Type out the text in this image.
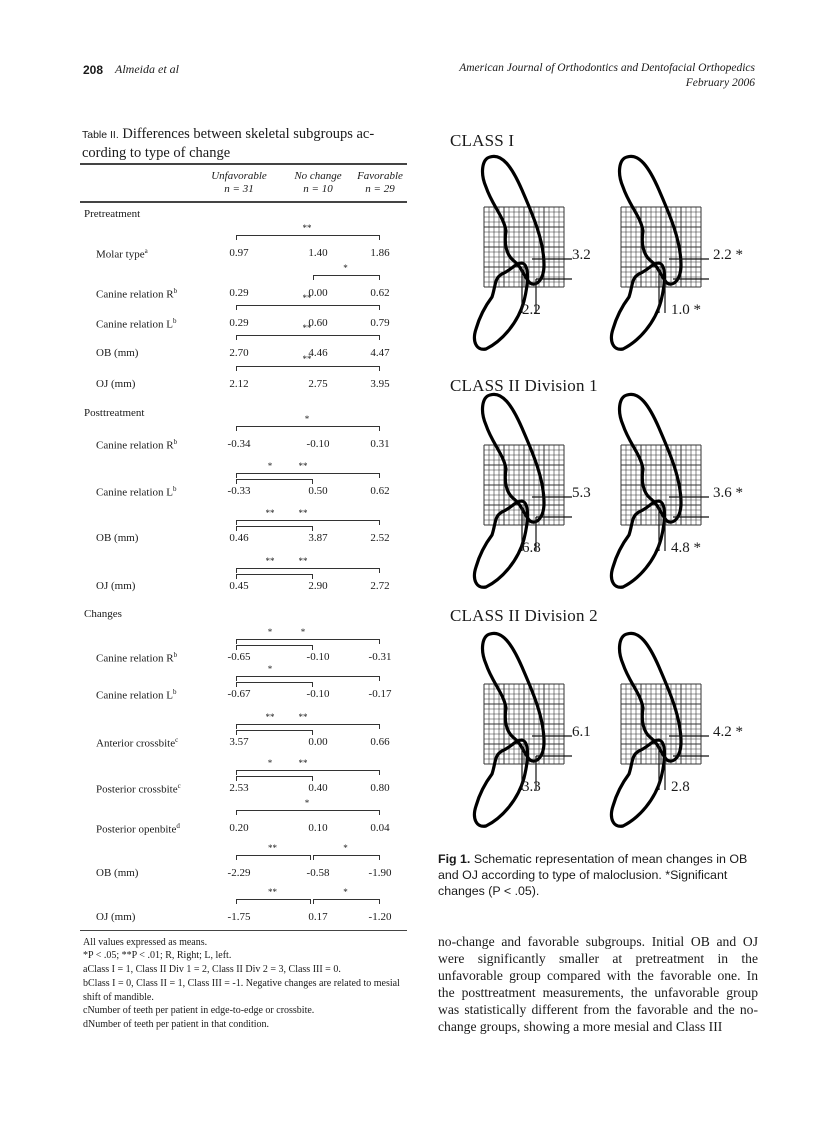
208 Almeida et al	American Journal of Orthodontics and Dentofacial Orthopedics
February 2006
Table II. Differences between skeletal subgroups ac-
cording to type of change
Unfavorable
n = 31
No change
n = 10
Favorable
n = 29
Pretreatment
Molar type$^a$	0.97	1.40	1.86
**
Canine relation $R^b$	0.29	0.00	0.62
*
Canine relation $L^b$	0.29	0.60	0.79
**
OB (mm)	2.70	4.46	4.47
**
OJ (mm)	2.12	2.75	3.95
**
Posttreatment
Canine relation $R^b$	-0.34	-0.10	0.31
*
Canine relation $L^b$	-0.33	0.50	0.62
**
*
OB (mm)	0.46	3.87	2.52
**
**
OJ (mm)	0.45	2.90	2.72
**
**
Changes
Canine relation $R^b$	-0.65	-0.10	-0.31
*
*
Canine relation $L^b$	-0.67	-0.10	-0.17
*
Anterior crossbite$^c$	3.57	0.00	0.66
**
**
Posterior crossbite$^c$	2.53	0.40	0.80
**
*
Posterior openbite$^d$	0.20	0.10	0.04
*
OB (mm)	-2.29	-0.58	-1.90
**	*
OJ (mm)	-1.75	0.17	-1.20
**	*
All values expressed as means.
*P < .05; **P < .01; R, Right; L, left.
aClass I = 1, Class II Div 1 = 2, Class II Div 2 = 3, Class III = 0.
bClass I = 0, Class II = 1, Class III = -1. Negative changes are related to mesial shift of mandible.
cNumber of teeth per patient in edge-to-edge or crossbite.
dNumber of teeth per patient in that condition.
CLASS I
3.2
2.2
2.2 *
1.0 *
CLASS II Division 1
5.3
6.8
3.6 *
4.8 *
CLASS II Division 2
6.1
3.3
4.2 *
2.8
Fig 1. Schematic representation of mean changes in OB and OJ according to type of maloclusion. *Significant changes (P < .05).
no-change and favorable subgroups. Initial OB and OJ were significantly smaller at pretreatment in the unfavorable group compared with the favorable one. In the posttreatment measurements, the unfavorable group was statistically different from the favorable and the no-change groups, showing a more mesial and Class III
